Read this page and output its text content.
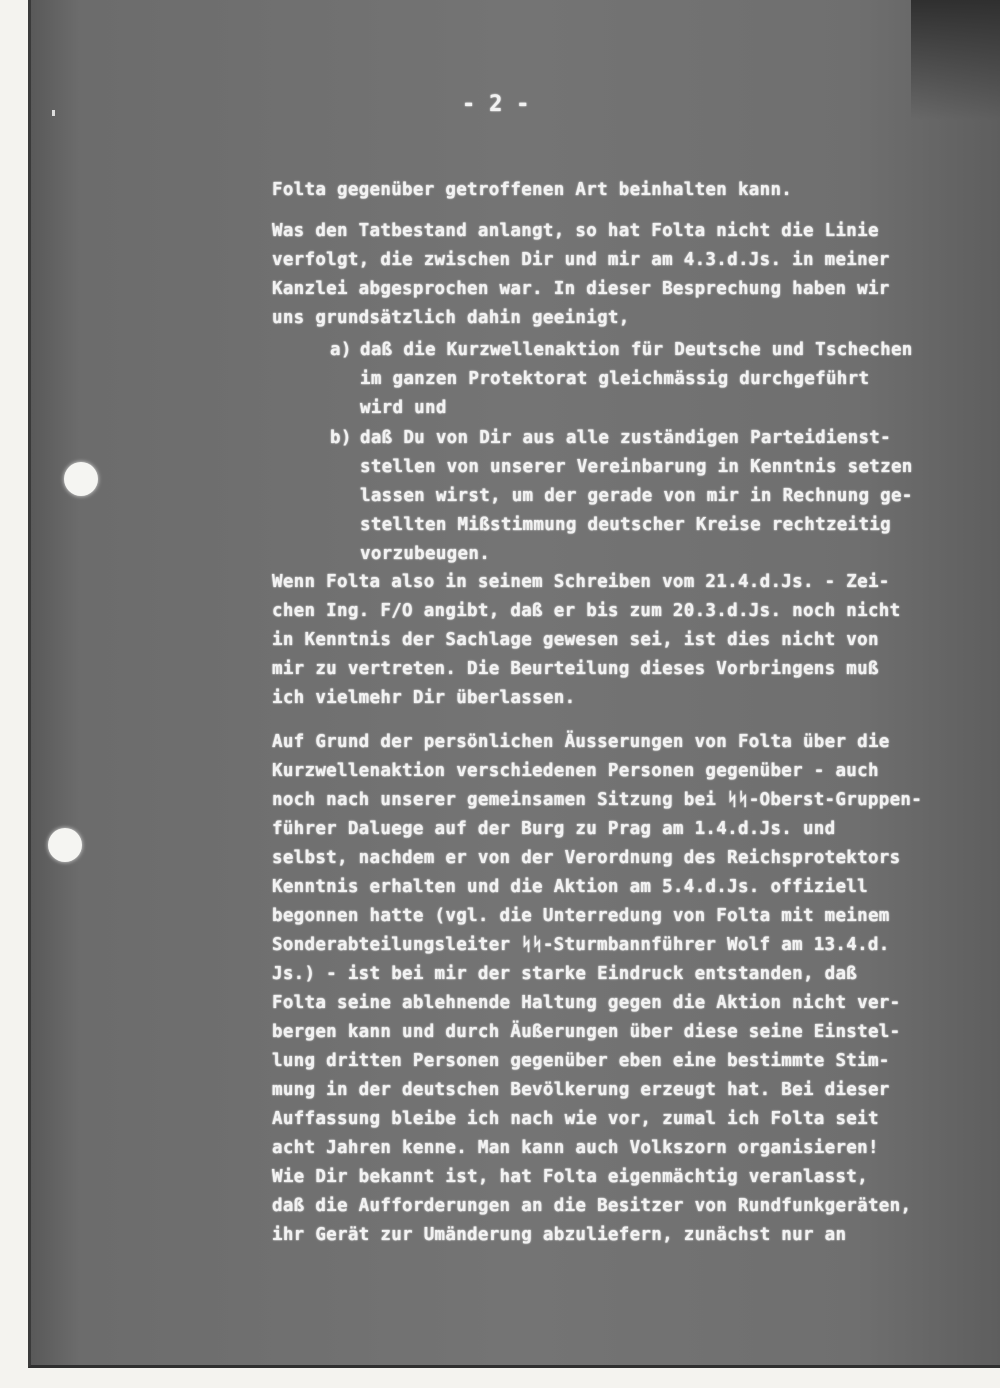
- 2 -
Folta gegenüber getroffenen Art beinhalten kann.
Was den Tatbestand anlangt, so hat Folta nicht die Linie
verfolgt, die zwischen Dir und mir am 4.3.d.Js. in meiner
Kanzlei abgesprochen war. In dieser Besprechung haben wir
uns grundsätzlich dahin geeinigt,
a) daß die Kurzwellenaktion für Deutsche und Tschechen
im ganzen Protektorat gleichmässig durchgeführt
wird und
b) daß Du von Dir aus alle zuständigen Parteidienst-
stellen von unserer Vereinbarung in Kenntnis setzen
lassen wirst, um der gerade von mir in Rechnung ge-
stellten Mißstimmung deutscher Kreise rechtzeitig
vorzubeugen.
Wenn Folta also in seinem Schreiben vom 21.4.d.Js. - Zei-
chen Ing. F/O angibt, daß er bis zum 20.3.d.Js. noch nicht
in Kenntnis der Sachlage gewesen sei, ist dies nicht von
mir zu vertreten. Die Beurteilung dieses Vorbringens muß
ich vielmehr Dir überlassen.
Auf Grund der persönlichen Äusserungen von Folta über die
Kurzwellenaktion verschiedenen Personen gegenüber - auch
noch nach unserer gemeinsamen Sitzung bei ᛋᛋ-Oberst-Gruppen-
führer Daluege auf der Burg zu Prag am 1.4.d.Js. und
selbst, nachdem er von der Verordnung des Reichsprotektors
Kenntnis erhalten und die Aktion am 5.4.d.Js. offiziell
begonnen hatte (vgl. die Unterredung von Folta mit meinem
Sonderabteilungsleiter ᛋᛋ-Sturmbannführer Wolf am 13.4.d.
Js.) - ist bei mir der starke Eindruck entstanden, daß
Folta seine ablehnende Haltung gegen die Aktion nicht ver-
bergen kann und durch Äußerungen über diese seine Einstel-
lung dritten Personen gegenüber eben eine bestimmte Stim-
mung in der deutschen Bevölkerung erzeugt hat. Bei dieser
Auffassung bleibe ich nach wie vor, zumal ich Folta seit
acht Jahren kenne. Man kann auch Volkszorn organisieren!
Wie Dir bekannt ist, hat Folta eigenmächtig veranlasst,
daß die Aufforderungen an die Besitzer von Rundfunkgeräten,
ihr Gerät zur Umänderung abzuliefern, zunächst nur an
